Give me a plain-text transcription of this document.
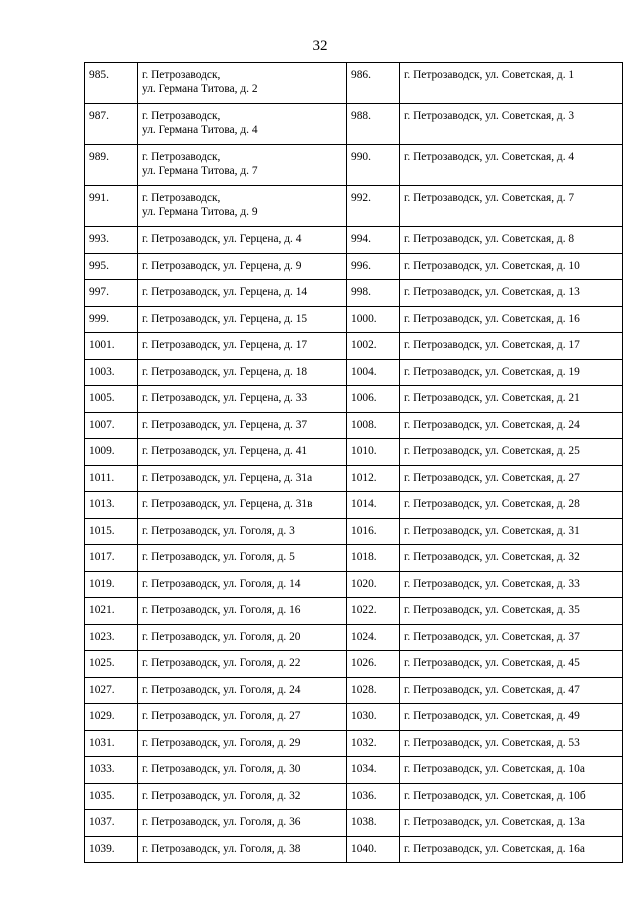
32
985.	г. Петрозаводск,
ул. Германа Титова, д. 2	986.	г. Петрозаводск, ул. Советская, д. 1

987.	г. Петрозаводск,
ул. Германа Титова, д. 4	988.	г. Петрозаводск, ул. Советская, д. 3

989.	г. Петрозаводск,
ул. Германа Титова, д. 7	990.	г. Петрозаводск, ул. Советская, д. 4

991.	г. Петрозаводск,
ул. Германа Титова, д. 9	992.	г. Петрозаводск, ул. Советская, д. 7

993.	г. Петрозаводск, ул. Герцена, д. 4	994.	г. Петрозаводск, ул. Советская, д. 8

995.	г. Петрозаводск, ул. Герцена, д. 9	996.	г. Петрозаводск, ул. Советская, д. 10

997.	г. Петрозаводск, ул. Герцена, д. 14	998.	г. Петрозаводск, ул. Советская, д. 13

999.	г. Петрозаводск, ул. Герцена, д. 15	1000.	г. Петрозаводск, ул. Советская, д. 16

1001.	г. Петрозаводск, ул. Герцена, д. 17	1002.	г. Петрозаводск, ул. Советская, д. 17

1003.	г. Петрозаводск, ул. Герцена, д. 18	1004.	г. Петрозаводск, ул. Советская, д. 19

1005.	г. Петрозаводск, ул. Герцена, д. 33	1006.	г. Петрозаводск, ул. Советская, д. 21

1007.	г. Петрозаводск, ул. Герцена, д. 37	1008.	г. Петрозаводск, ул. Советская, д. 24

1009.	г. Петрозаводск, ул. Герцена, д. 41	1010.	г. Петрозаводск, ул. Советская, д. 25

1011.	г. Петрозаводск, ул. Герцена, д. 31а	1012.	г. Петрозаводск, ул. Советская, д. 27

1013.	г. Петрозаводск, ул. Герцена, д. 31в	1014.	г. Петрозаводск, ул. Советская, д. 28

1015.	г. Петрозаводск, ул. Гоголя, д. 3	1016.	г. Петрозаводск, ул. Советская, д. 31

1017.	г. Петрозаводск, ул. Гоголя, д. 5	1018.	г. Петрозаводск, ул. Советская, д. 32

1019.	г. Петрозаводск, ул. Гоголя, д. 14	1020.	г. Петрозаводск, ул. Советская, д. 33

1021.	г. Петрозаводск, ул. Гоголя, д. 16	1022.	г. Петрозаводск, ул. Советская, д. 35

1023.	г. Петрозаводск, ул. Гоголя, д. 20	1024.	г. Петрозаводск, ул. Советская, д. 37

1025.	г. Петрозаводск, ул. Гоголя, д. 22	1026.	г. Петрозаводск, ул. Советская, д. 45

1027.	г. Петрозаводск, ул. Гоголя, д. 24	1028.	г. Петрозаводск, ул. Советская, д. 47

1029.	г. Петрозаводск, ул. Гоголя, д. 27	1030.	г. Петрозаводск, ул. Советская, д. 49

1031.	г. Петрозаводск, ул. Гоголя, д. 29	1032.	г. Петрозаводск, ул. Советская, д. 53

1033.	г. Петрозаводск, ул. Гоголя, д. 30	1034.	г. Петрозаводск, ул. Советская, д. 10а

1035.	г. Петрозаводск, ул. Гоголя, д. 32	1036.	г. Петрозаводск, ул. Советская, д. 10б

1037.	г. Петрозаводск, ул. Гоголя, д. 36	1038.	г. Петрозаводск, ул. Советская, д. 13а

1039.	г. Петрозаводск, ул. Гоголя, д. 38	1040.	г. Петрозаводск, ул. Советская, д. 16а
